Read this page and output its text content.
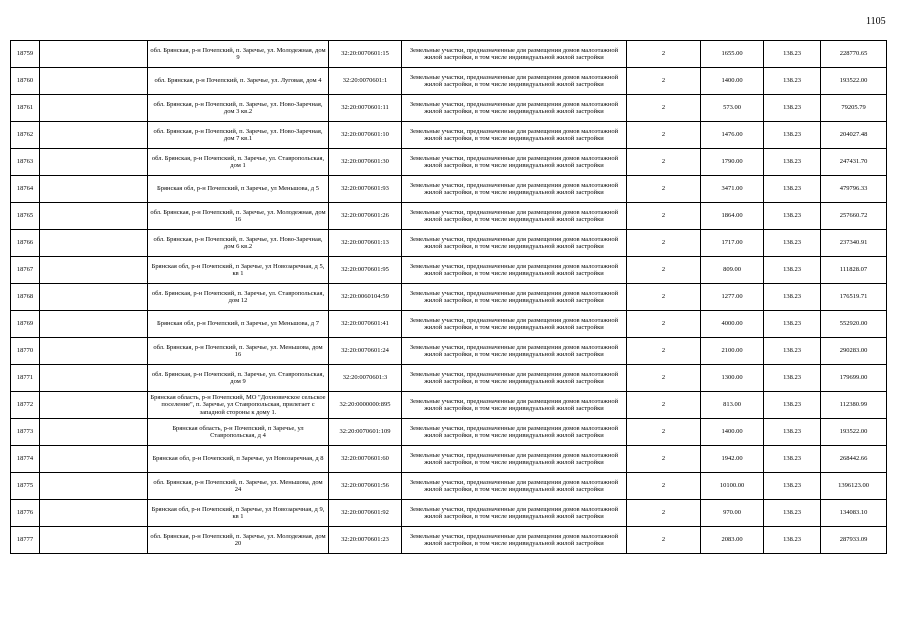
1105
18759		обл. Брянская, р-н Почепский, п. Заречье, ул. Молодежная, дом 9	32:20:0070601:15	Земельные участки, предназначенные для размещения домов малоэтажной жилой застройки, в том числе индивидуальной жилой застройки	2	1655.00	138.23	228770.65
18760		обл. Брянская, р-н Почепский, п. Заречье, ул. Луговая, дом 4	32:20:0070601:1	Земельные участки, предназначенные для размещения домов малоэтажной жилой застройки, в том числе индивидуальной жилой застройки	2	1400.00	138.23	193522.00
18761		обл. Брянская, р-н Почепский, п. Заречье, ул. Ново-Заречная, дом 3 кв.2	32:20:0070601:11	Земельные участки, предназначенные для размещения домов малоэтажной жилой застройки, в том числе индивидуальной жилой застройки	2	573.00	138.23	79205.79
18762		обл. Брянская, р-н Почепский, п. Заречье, ул. Ново-Заречная, дом 7 кв.1	32:20:0070601:10	Земельные участки, предназначенные для размещения домов малоэтажной жилой застройки, в том числе индивидуальной жилой застройки	2	1476.00	138.23	204027.48
18763		обл. Брянская, р-н Почепский, п. Заречье, ул. Ставропольская, дом 1	32:20:0070601:30	Земельные участки, предназначенные для размещения домов малоэтажной жилой застройки, в том числе индивидуальной жилой застройки	2	1790.00	138.23	247431.70
18764		Брянская обл, р-н Почепский, п Заречье, ул Меньшова, д 5	32:20:0070601:93	Земельные участки, предназначенные для размещения домов малоэтажной жилой застройки, в том числе индивидуальной жилой застройки	2	3471.00	138.23	479796.33
18765		обл. Брянская, р-н Почепский, п. Заречье, ул. Молодежная, дом 16	32:20:0070601:26	Земельные участки, предназначенные для размещения домов малоэтажной жилой застройки, в том числе индивидуальной жилой застройки	2	1864.00	138.23	257660.72
18766		обл. Брянская, р-н Почепский, п. Заречье, ул. Ново-Заречная, дом 6 кв.2	32:20:0070601:13	Земельные участки, предназначенные для размещения домов малоэтажной жилой застройки, в том числе индивидуальной жилой застройки	2	1717.00	138.23	237340.91
18767		Брянская обл, р-н Почепский, п Заречье, ул Новозаречная, д 5, кв 1	32:20:0070601:95	Земельные участки, предназначенные для размещения домов малоэтажной жилой застройки, в том числе индивидуальной жилой застройки	2	809.00	138.23	111828.07
18768		обл. Брянская, р-н Почепский, п. Заречье, ул. Ставропольская, дом 12	32:20:0060104:59	Земельные участки, предназначенные для размещения домов малоэтажной жилой застройки, в том числе индивидуальной жилой застройки	2	1277.00	138.23	176519.71
18769		Брянская обл, р-н Почепский, п Заречье, ул Меньшова, д 7	32:20:0070601:41	Земельные участки, предназначенные для размещения домов малоэтажной жилой застройки, в том числе индивидуальной жилой застройки	2	4000.00	138.23	552920.00
18770		обл. Брянская, р-н Почепский, п. Заречье, ул. Меньшова, дом 16	32:20:0070601:24	Земельные участки, предназначенные для размещения домов малоэтажной жилой застройки, в том числе индивидуальной жилой застройки	2	2100.00	138.23	290283.00
18771		обл. Брянская, р-н Почепский, п. Заречье, ул. Ставропольская, дом 9	32:20:0070601:3	Земельные участки, предназначенные для размещения домов малоэтажной жилой застройки, в том числе индивидуальной жилой застройки	2	1300.00	138.23	179699.00
18772		Брянская область, р-н Почепский, МО "Дохновичское сельское поселение", п. Заречье, ул Ставропольская, прилегает с западной стороны к дому 1.	32:20:0000000:895	Земельные участки, предназначенные для размещения домов малоэтажной жилой застройки, в том числе индивидуальной жилой застройки	2	813.00	138.23	112380.99
18773		Брянская область, р-н Почепский, п Заречье, ул Ставропольская, д 4	32:20:0070601:109	Земельные участки, предназначенные для размещения домов малоэтажной жилой застройки, в том числе индивидуальной жилой застройки	2	1400.00	138.23	193522.00
18774		Брянская обл, р-н Почепский, п Заречье, ул Новозаречная, д 8	32:20:0070601:60	Земельные участки, предназначенные для размещения домов малоэтажной жилой застройки, в том числе индивидуальной жилой застройки	2	1942.00	138.23	268442.66
18775		обл. Брянская, р-н Почепский, п. Заречье, ул. Меньшова, дом 24	32:20:0070601:56	Земельные участки, предназначенные для размещения домов малоэтажной жилой застройки, в том числе индивидуальной жилой застройки	2	10100.00	138.23	1396123.00
18776		Брянская обл, р-н Почепский, п Заречье, ул Новозаречная, д 9, кв 1	32:20:0070601:92	Земельные участки, предназначенные для размещения домов малоэтажной жилой застройки, в том числе индивидуальной жилой застройки	2	970.00	138.23	134083.10
18777		обл. Брянская, р-н Почепский, п. Заречье, ул. Молодежная, дом 20	32:20:0070601:23	Земельные участки, предназначенные для размещения домов малоэтажной жилой застройки, в том числе индивидуальной жилой застройки	2	2083.00	138.23	287933.09
